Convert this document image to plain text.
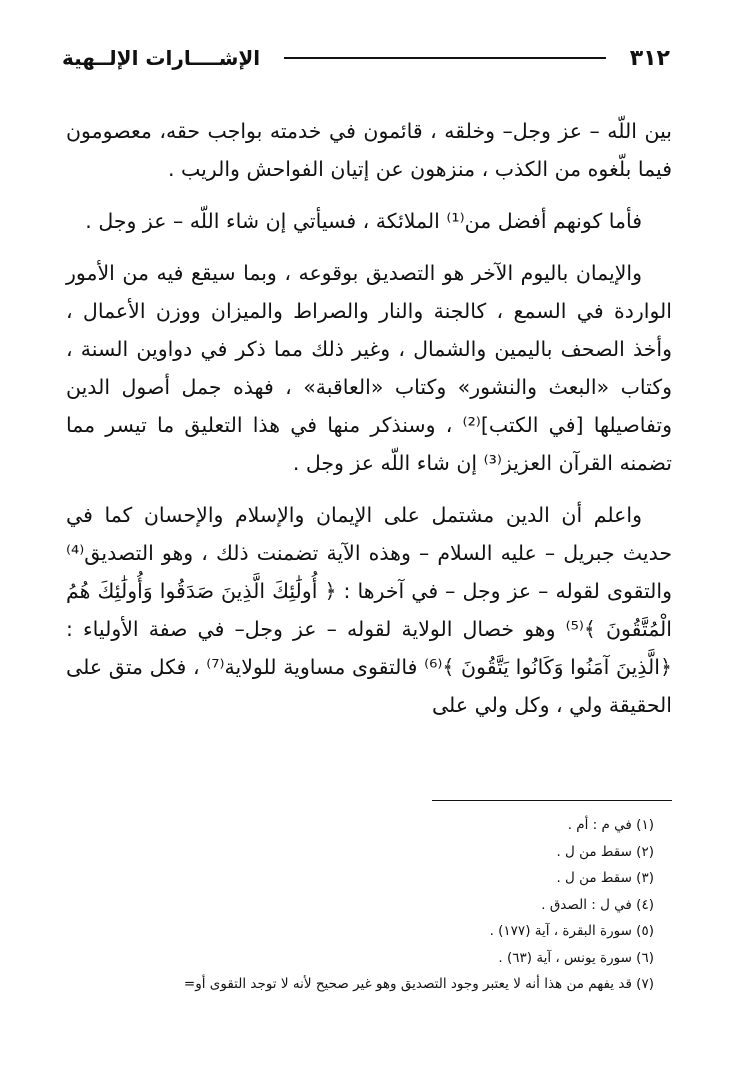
٣١٢
الإشــــارات الإلــهية

بين اللّه – عز وجل– وخلقه ، قائمون في خدمته بواجب حقه، معصومون فيما بلّغوه من الكذب ، منزهون عن إتيان الفواحش والريب .

فأما كونهم أفضل من⁽¹⁾ الملائكة ، فسيأتي إن شاء اللّه – عز وجل .

والإيمان باليوم الآخر هو التصديق بوقوعه ، وبما سيقع فيه من الأمور الواردة في السمع ، كالجنة والنار والصراط والميزان ووزن الأعمال ، وأخذ الصحف باليمين والشمال ، وغير ذلك مما ذكر في دواوين السنة ، وكتاب «البعث والنشور» وكتاب «العاقبة» ، فهذه جمل أصول الدين وتفاصيلها [في الكتب]⁽²⁾ ، وسنذكر منها في هذا التعليق ما تيسر مما تضمنه القرآن العزيز⁽³⁾ إن شاء اللّه عز وجل .

واعلم أن الدين مشتمل على الإيمان والإسلام والإحسان كما في حديث جبريل – عليه السلام – وهذه الآية تضمنت ذلك ، وهو التصديق⁽⁴⁾ والتقوى لقوله – عز وجل – في آخرها : ﴿ أُولَٰئِكَ الَّذِينَ صَدَقُوا وَأُولَٰئِكَ هُمُ الْمُتَّقُونَ ﴾⁽⁵⁾ وهو خصال الولاية لقوله – عز وجل– في صفة الأولياء :﴿الَّذِينَ آمَنُوا وَكَانُوا يَتَّقُونَ ﴾⁽⁶⁾ فالتقوى مساوية للولاية⁽⁷⁾ ، فكل متق على الحقيقة ولي ، وكل ولي على

(١) في م : أم .

(٢) سقط من ل .

(٣) سقط من ل .

(٤) في ل : الصدق .

(٥) سورة البقرة ، آية (١٧٧) .

(٦) سورة يونس ، آية (٦٣) .

(٧) قد يفهم من هذا أنه لا يعتبر وجود التصديق وهو غير صحيح لأنه لا توجد التقوى أو=
